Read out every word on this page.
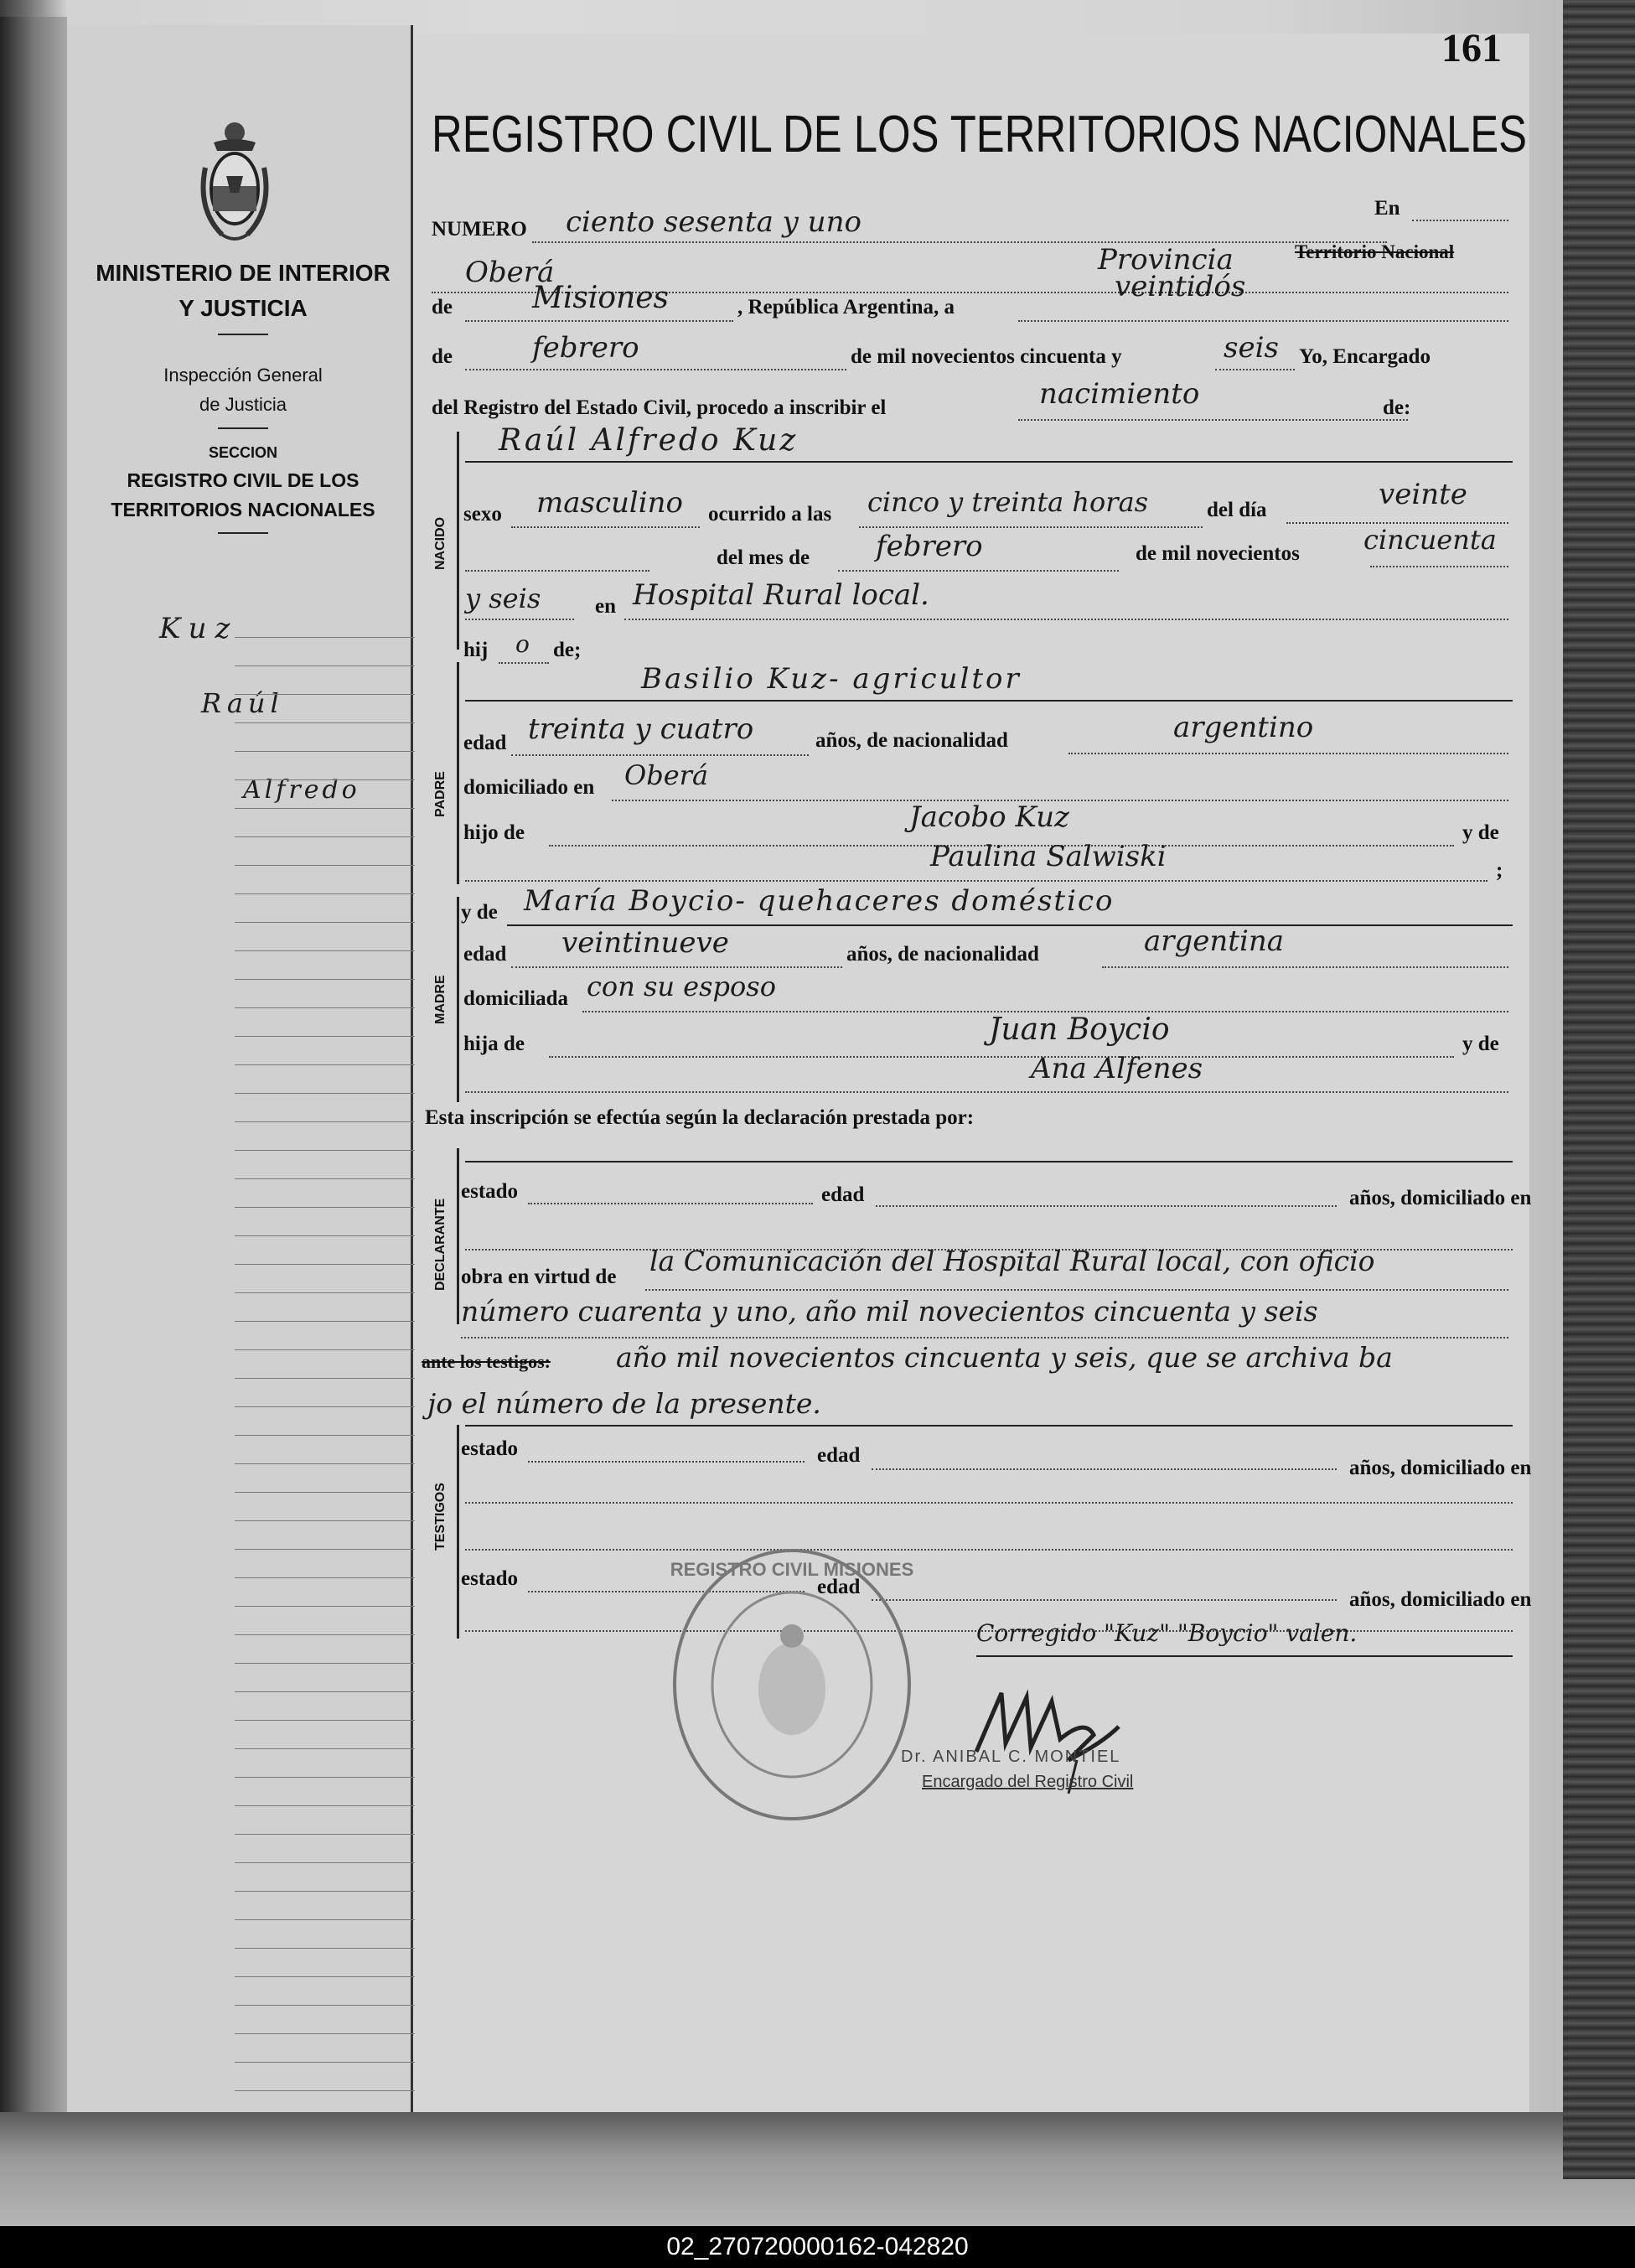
MINISTERIO DE INTERIOR
Y JUSTICIA
Inspección General
de Justicia
SECCION
REGISTRO CIVIL DE LOS
TERRITORIOS NACIONALES
Kuz
Raúl
Alfredo
161
REGISTRO CIVIL DE LOS TERRITORIOS NACIONALES
NUMERO ciento sesenta y uno	En
Oberá	Provincia	Territorio Nacional
de	Misiones	, República Argentina, a
veintidós
de	febrero	de mil novecientos cincuenta y	seis Yo, Encargado
del Registro del Estado Civil, procedo a inscribir el	nacimiento	de:
NACIDO
Raúl Alfredo Kuz
sexo masculino ocurrido a las cinco y treinta horas	del día	veinte
del mes de febrero	de mil novecientos cincuenta
y seis	en Hospital Rural local.
hij o de;
PADRE
Basilio Kuz- agricultor
edad treinta y cuatro	años, de nacionalidad	argentino
domiciliado en Oberá
hijo de	Jacobo Kuz	y de
Paulina Salwiski	;
MADRE
y de María Boycio- quehaceres doméstico
edad veintinueve	años, de nacionalidad	argentina
domiciliada con su esposo
hija de	Juan Boycio	y de
Ana Alfenes
Esta inscripción se efectúa según la declaración prestada por:
DECLARANTE
estado	edad	años, domiciliado en
obra en virtud de la Comunicación del Hospital Rural local, con oficio
número cuarenta y uno, año mil novecientos cincuenta y seis
ante los testigos: año mil novecientos cincuenta y seis, que se archiva ba
jo el número de la presente.
TESTIGOS
estado	edad
años, domiciliado en
estado	edad
años, domiciliado en
Corregido "Kuz" "Boycio" valen.
REGISTRO CIVIL MISIONES
Dr. ANIBAL C. MONTIEL
Encargado del Registro Civil
02_270720000162-042820
